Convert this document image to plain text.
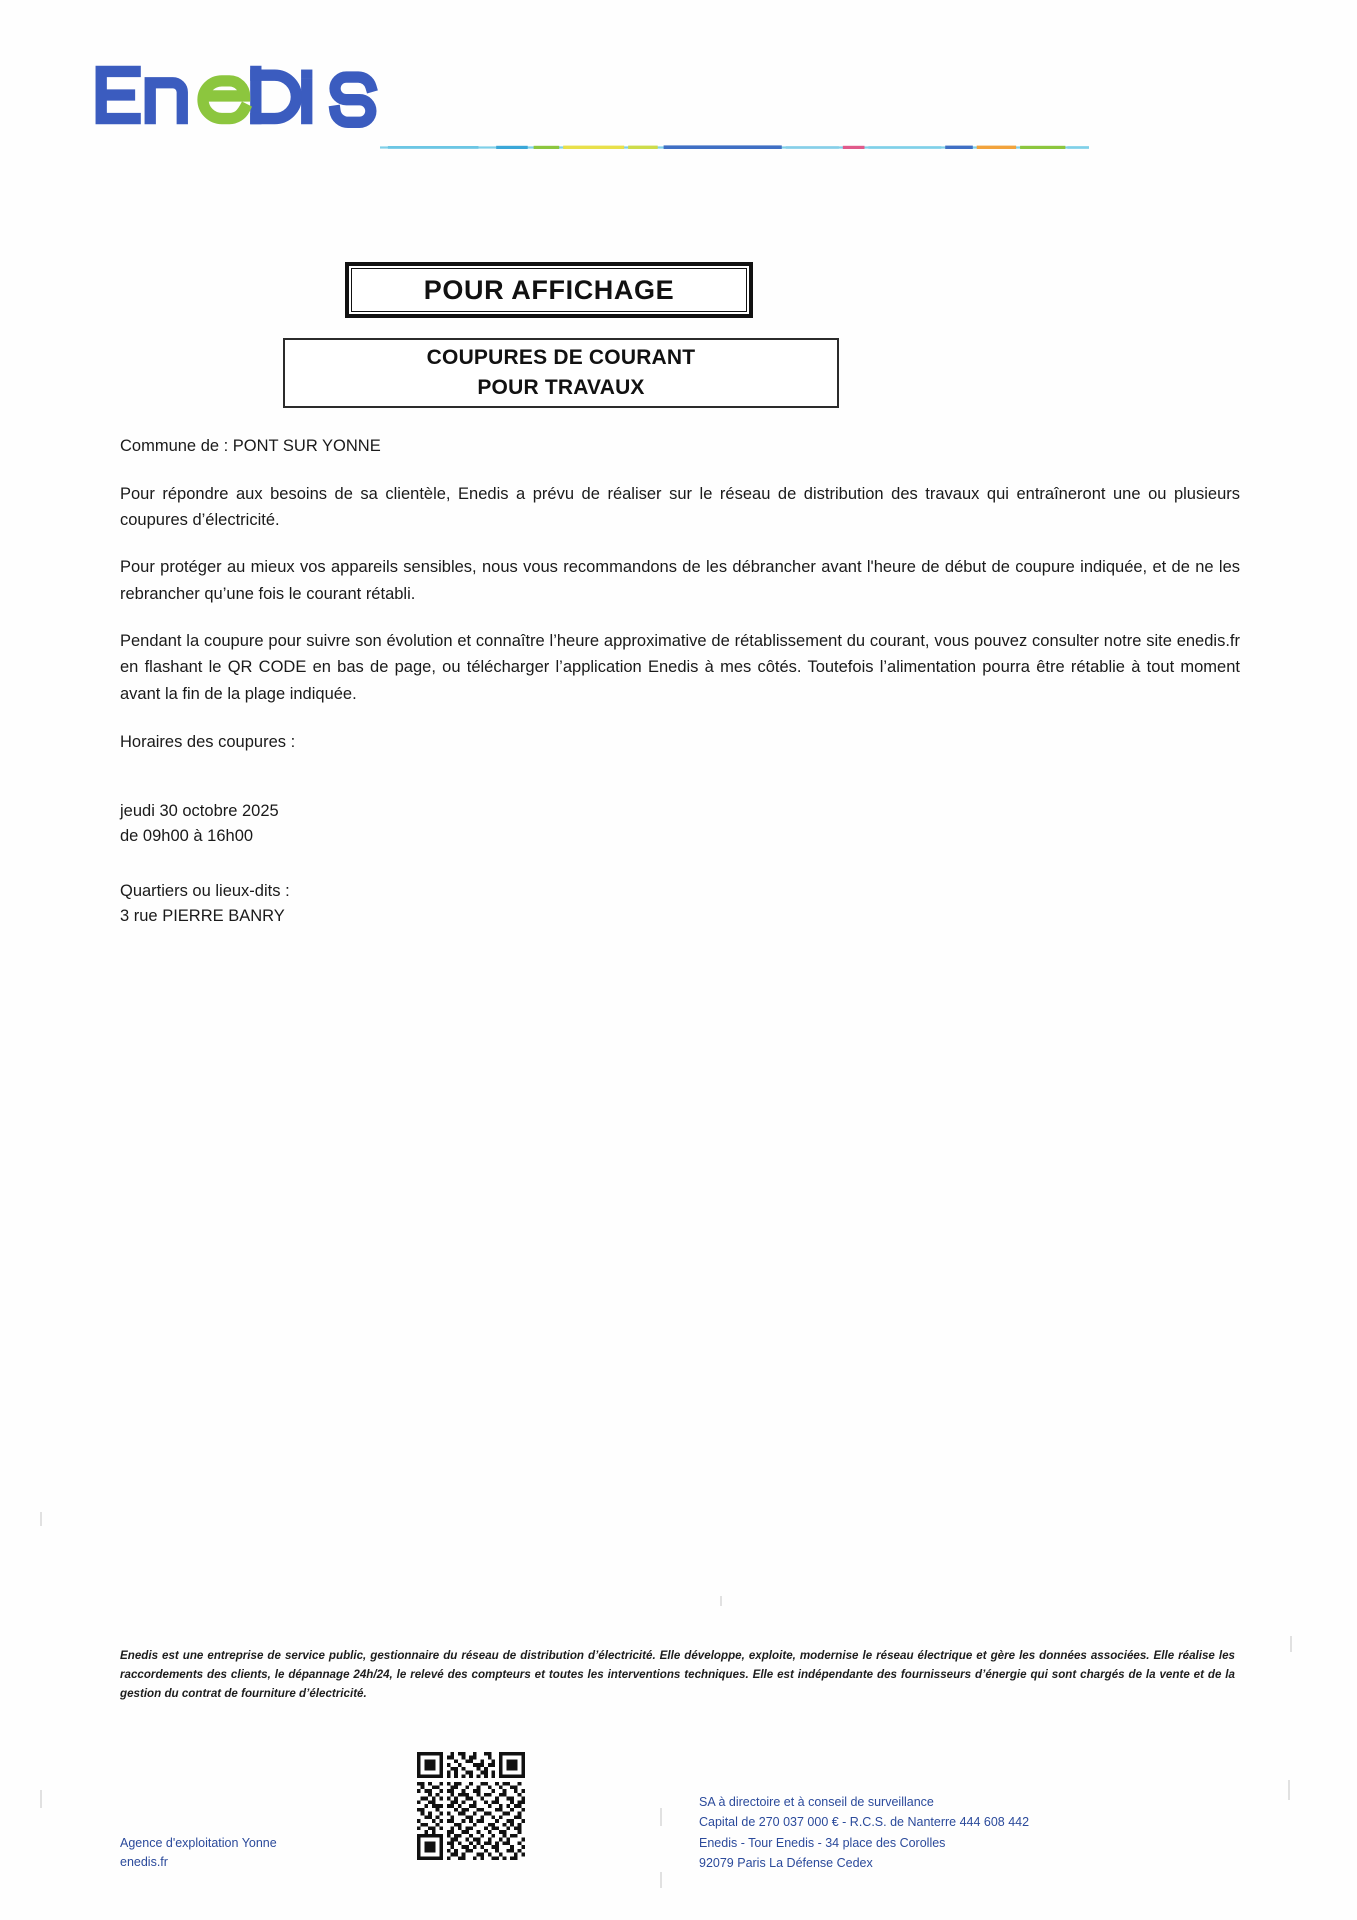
POUR AFFICHAGE
COUPURES DE COURANT
POUR TRAVAUX
Commune de : PONT SUR YONNE

Pour répondre aux besoins de sa clientèle, Enedis a prévu de réaliser sur le réseau de distribution des travaux qui entraîneront une ou plusieurs coupures d’électricité.

Pour protéger au mieux vos appareils sensibles, nous vous recommandons de les débrancher avant l'heure de début de coupure indiquée, et de ne les rebrancher qu’une fois le courant rétabli.

Pendant la coupure pour suivre son évolution et connaître l’heure approximative de rétablissement du courant, vous pouvez consulter notre site enedis.fr en flashant le QR CODE en bas de page, ou télécharger l’application Enedis à mes côtés. Toutefois l’alimentation pourra être rétablie à tout moment avant la fin de la plage indiquée.

Horaires des coupures :
jeudi 30 octobre 2025
de 09h00 à 16h00
Quartiers ou lieux-dits :
3 rue PIERRE BANRY
Enedis est une entreprise de service public, gestionnaire du réseau de distribution d’électricité. Elle développe, exploite, modernise le réseau électrique et gère les données associées. Elle réalise les raccordements des clients, le dépannage 24h/24, le relevé des compteurs et toutes les interventions techniques. Elle est indépendante des fournisseurs d’énergie qui sont chargés de la vente et de la gestion du contrat de fourniture d’électricité.
Agence d'exploitation Yonne
enedis.fr
SA à directoire et à conseil de surveillance
Capital de 270 037 000 € - R.C.S. de Nanterre 444 608 442
Enedis - Tour Enedis - 34 place des Corolles
92079 Paris La Défense Cedex
